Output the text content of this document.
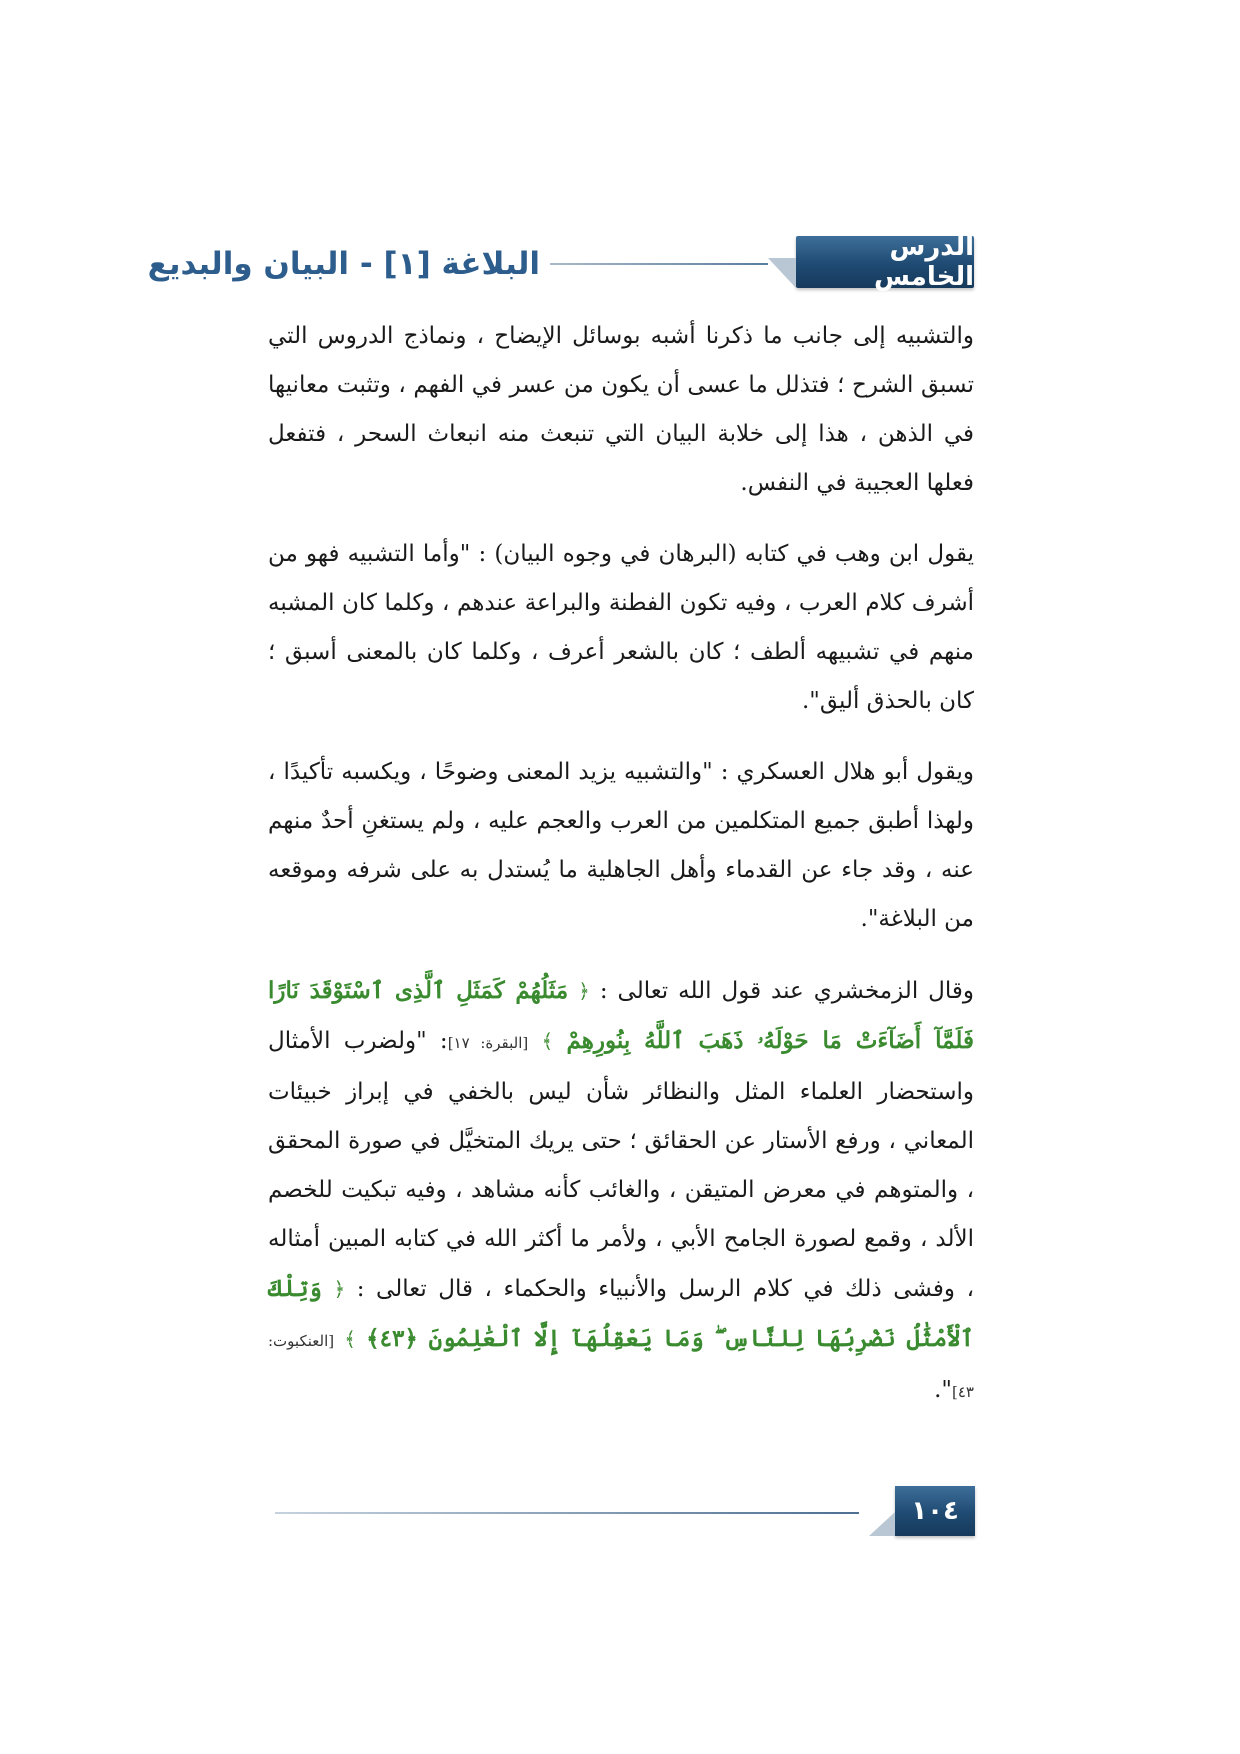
الدرس الخامس
البلاغة [١] - البيان والبديع

والتشبيه إلى جانب ما ذكرنا أشبه بوسائل الإيضاح ، ونماذج الدروس التي تسبق الشرح ؛ فتذلل ما عسى أن يكون من عسر في الفهم ، وتثبت معانيها في الذهن ، هذا إلى خلابة البيان التي تنبعث منه انبعاث السحر ، فتفعل فعلها العجيبة في النفس.

يقول ابن وهب في كتابه (البرهان في وجوه البيان) : "وأما التشبيه فهو من أشرف كلام العرب ، وفيه تكون الفطنة والبراعة عندهم ، وكلما كان المشبه منهم في تشبيهه ألطف ؛ كان بالشعر أعرف ، وكلما كان بالمعنى أسبق ؛ كان بالحذق أليق".

ويقول أبو هلال العسكري : "والتشبيه يزيد المعنى وضوحًا ، ويكسبه تأكيدًا ، ولهذا أطبق جميع المتكلمين من العرب والعجم عليه ، ولم يستغنِ أحدٌ منهم عنه ، وقد جاء عن القدماء وأهل الجاهلية ما يُستدل به على شرفه وموقعه من البلاغة".

وقال الزمخشري عند قول الله تعالى : ﴿ مَثَلُهُمْ كَمَثَلِ ٱلَّذِى ٱسْتَوْقَدَ نَارًا فَلَمَّآ أَضَآءَتْ مَا حَوْلَهُۥ ذَهَبَ ٱللَّهُ بِنُورِهِمْ ﴾ [البقرة: ١٧]: "ولضرب الأمثال واستحضار العلماء المثل والنظائر شأن ليس بالخفي في إبراز خبيئات المعاني ، ورفع الأستار عن الحقائق ؛ حتى يريك المتخيَّل في صورة المحقق ، والمتوهم في معرض المتيقن ، والغائب كأنه مشاهد ، وفيه تبكيت للخصم الألد ، وقمع لصورة الجامح الأبي ، ولأمر ما أكثر الله في كتابه المبين أمثاله ، وفشى ذلك في كلام الرسل والأنبياء والحكماء ، قال تعالى : ﴿ وَتِلْكَ ٱلْأَمْثَٰلُ نَضْرِبُهَا لِلنَّاسِ ۖ وَمَا يَعْقِلُهَآ إِلَّا ٱلْعَٰلِمُونَ ﴿٤٣﴾ ﴾ [العنكبوت: ٤٣]".

١٠٤
